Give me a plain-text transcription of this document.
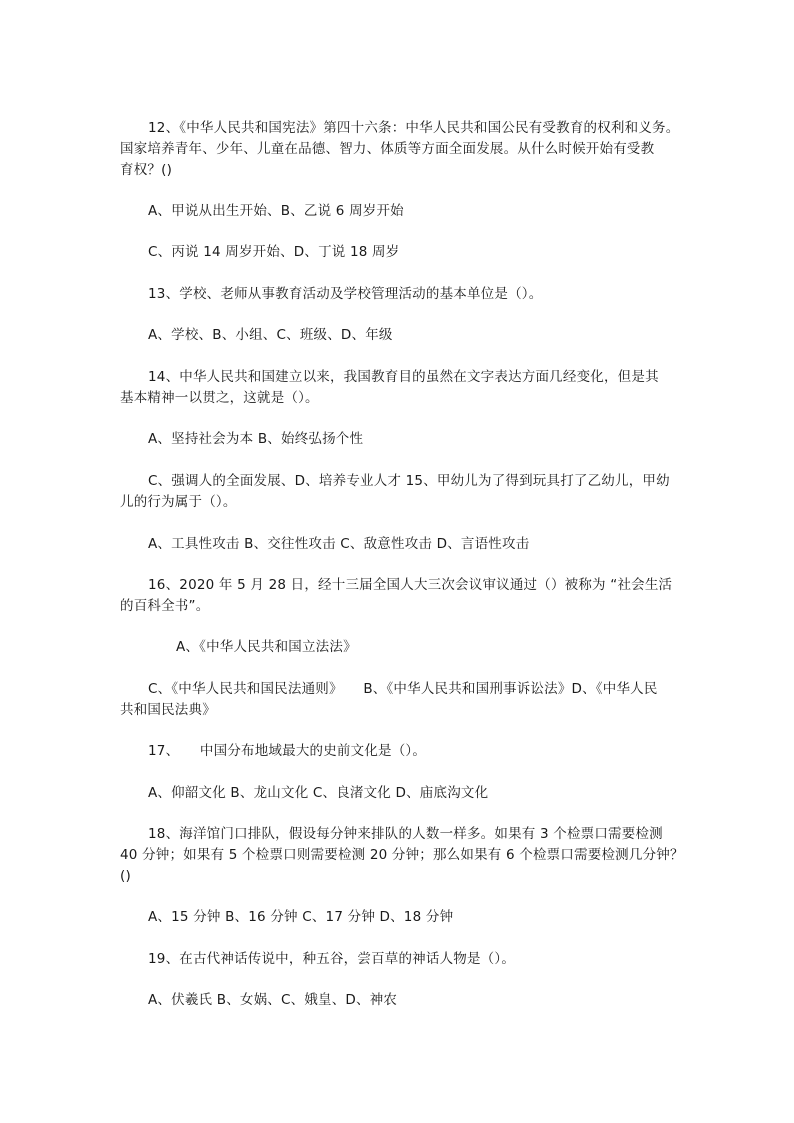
12、《中华人民共和国宪法》第四十六条：中华人民共和国公民有受教育的权利和义务。
国家培养青年、少年、儿童在品德、智力、体质等方面全面发展。从什么时候开始有受教
育权？()
A、甲说从出生开始、B、乙说 6 周岁开始
C、丙说 14 周岁开始、D、丁说 18 周岁
13、学校、老师从事教育活动及学校管理活动的基本单位是（）。
A、学校、B、小组、C、班级、D、年级
14、中华人民共和国建立以来，我国教育目的虽然在文字表达方面几经变化，但是其
基本精神一以贯之，这就是（）。
A、坚持社会为本 B、始终弘扬个性
C、强调人的全面发展、D、培养专业人才 15、甲幼儿为了得到玩具打了乙幼儿，甲幼
儿的行为属于（）。
A、工具性攻击 B、交往性攻击 C、敌意性攻击 D、言语性攻击
16、2020 年 5 月 28 日，经十三届全国人大三次会议审议通过（）被称为 “社会生活
的百科全书”。
A、《中华人民共和国立法法》
C、《中华人民共和国民法通则》　　B、《中华人民共和国刑事诉讼法》D、《中华人民
共和国民法典》
17、　　中国分布地域最大的史前文化是（）。
A、仰韶文化 B、龙山文化 C、良渚文化 D、庙底沟文化
18、海洋馆门口排队，假设每分钟来排队的人数一样多。如果有 3 个检票口需要检测
40 分钟；如果有 5 个检票口则需要检测 20 分钟；那么如果有 6 个检票口需要检测几分钟？
()
A、15 分钟 B、16 分钟 C、17 分钟 D、18 分钟
19、在古代神话传说中，种五谷，尝百草的神话人物是（）。
A、伏羲氏 B、女娲、C、娥皇、D、神农
